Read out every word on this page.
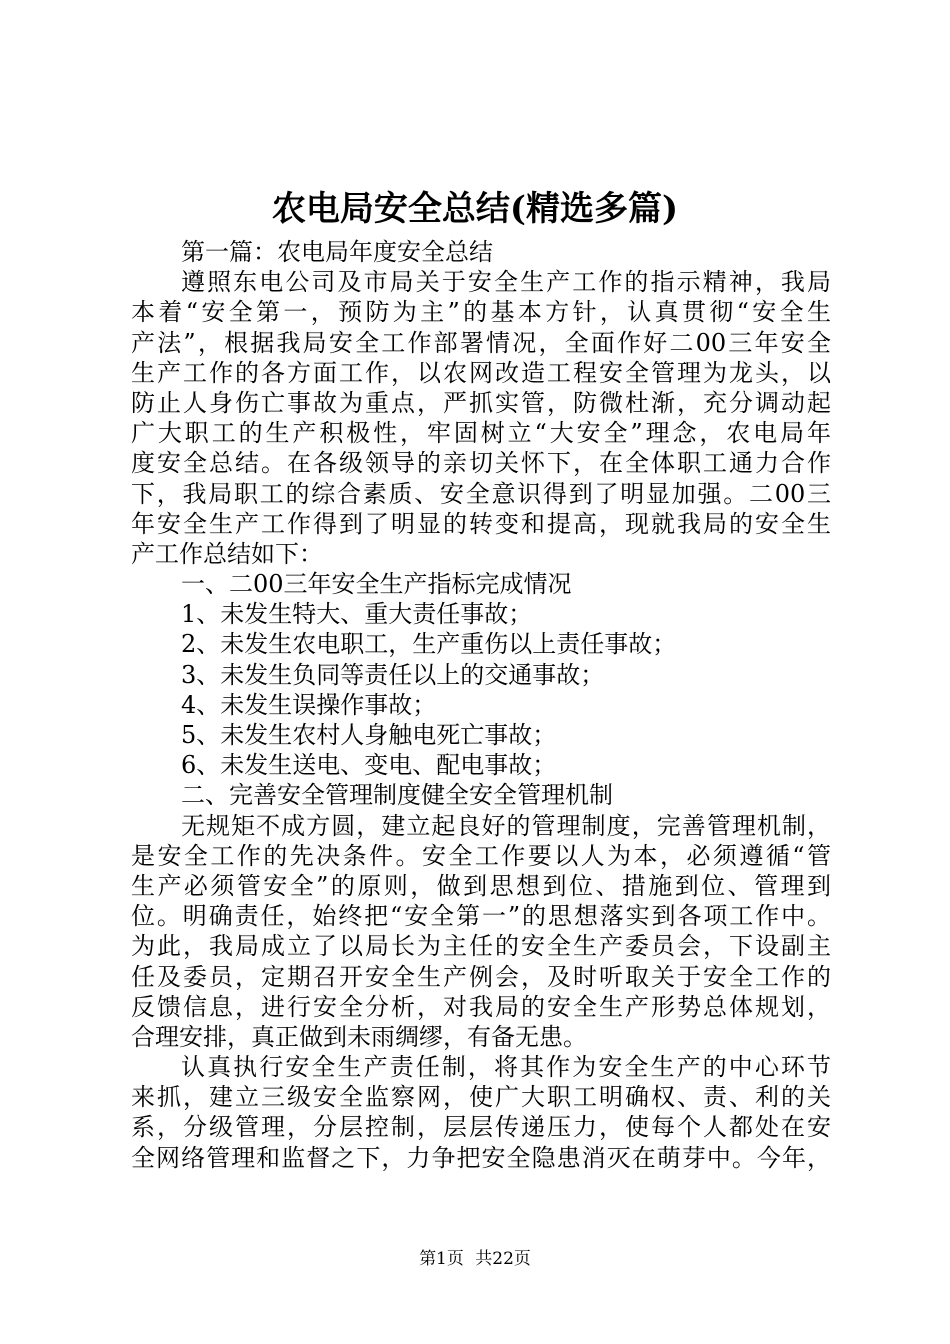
农电局安全总结(精选多篇)
第一篇：农电局年度安全总结
遵照东电公司及市局关于安全生产工作的指示精神，我局
本着“安全第一，预防为主”的基本方针，认真贯彻“安全生
产法”，根据我局安全工作部署情况，全面作好二00三年安全
生产工作的各方面工作，以农网改造工程安全管理为龙头，以
防止人身伤亡事故为重点，严抓实管，防微杜渐，充分调动起
广大职工的生产积极性，牢固树立“大安全”理念，农电局年
度安全总结。在各级领导的亲切关怀下，在全体职工通力合作
下，我局职工的综合素质、安全意识得到了明显加强。二00三
年安全生产工作得到了明显的转变和提高，现就我局的安全生
产工作总结如下：
一、二00三年安全生产指标完成情况
1、未发生特大、重大责任事故；
2、未发生农电职工，生产重伤以上责任事故；
3、未发生负同等责任以上的交通事故；
4、未发生误操作事故；
5、未发生农村人身触电死亡事故；
6、未发生送电、变电、配电事故；
二、完善安全管理制度健全安全管理机制
无规矩不成方圆，建立起良好的管理制度，完善管理机制，
是安全工作的先决条件。安全工作要以人为本，必须遵循“管
生产必须管安全”的原则，做到思想到位、措施到位、管理到
位。明确责任，始终把“安全第一”的思想落实到各项工作中。
为此，我局成立了以局长为主任的安全生产委员会，下设副主
任及委员，定期召开安全生产例会，及时听取关于安全工作的
反馈信息，进行安全分析，对我局的安全生产形势总体规划，
合理安排，真正做到未雨绸缪，有备无患。
认真执行安全生产责任制，将其作为安全生产的中心环节
来抓，建立三级安全监察网，使广大职工明确权、责、利的关
系，分级管理，分层控制，层层传递压力，使每个人都处在安
全网络管理和监督之下，力争把安全隐患消灭在萌芽中。今年，
第1页 共22页
